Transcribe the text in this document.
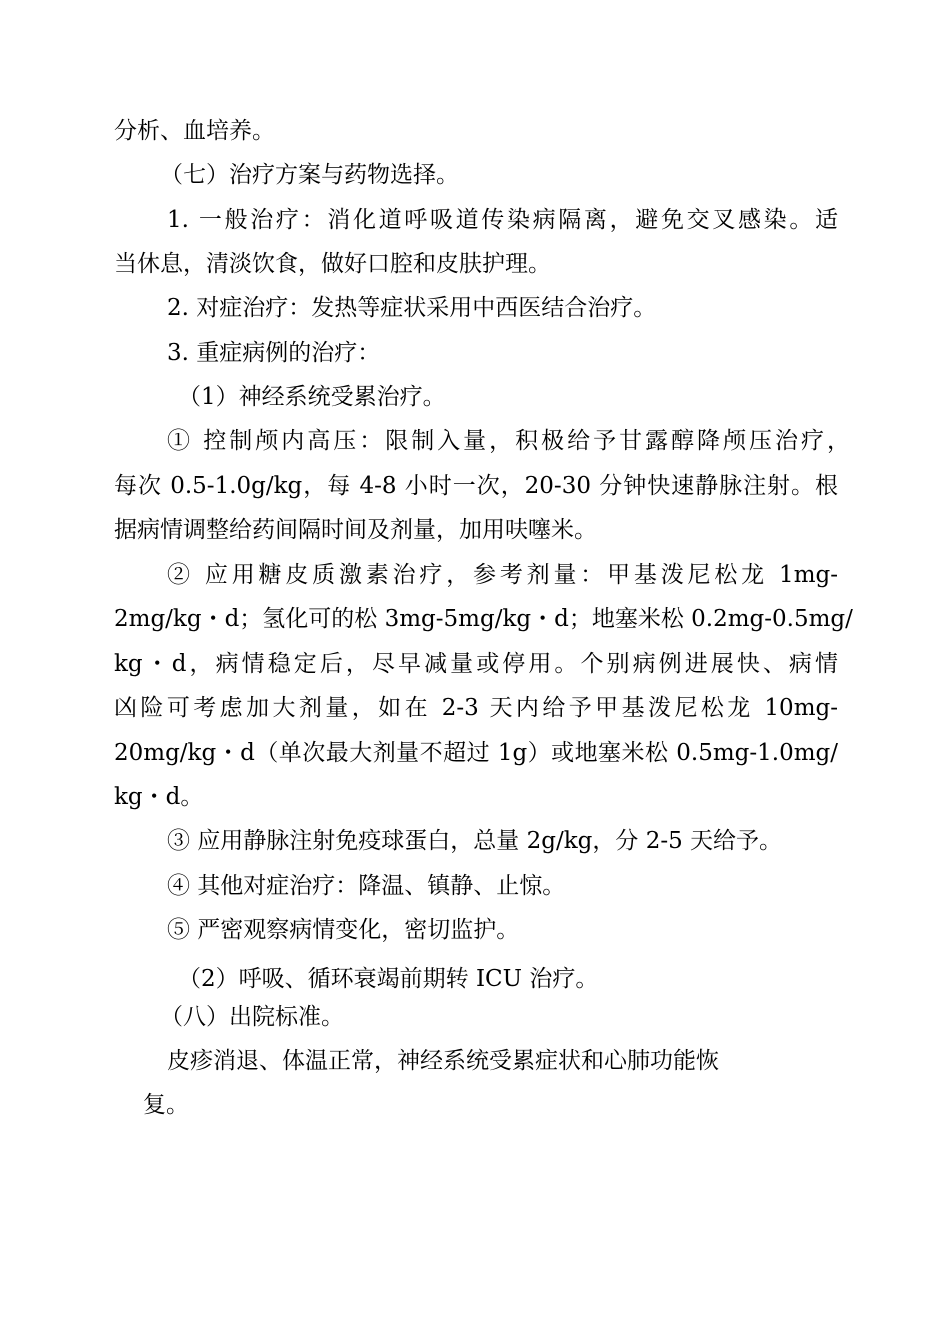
分析、血培养。
（七）治疗方案与药物选择。
1. 一般治疗：消化道呼吸道传染病隔离，避免交叉感染。适
当休息，清淡饮食，做好口腔和皮肤护理。
2. 对症治疗：发热等症状采用中西医结合治疗。
3. 重症病例的治疗：
（1）神经系统受累治疗。
① 控制颅内高压：限制入量，积极给予甘露醇降颅压治疗，
每次 0.5-1.0g/kg，每 4-8 小时一次，20-30 分钟快速静脉注射。根
据病情调整给药间隔时间及剂量，加用呋噻米。
② 应用糖皮质激素治疗，参考剂量：甲基泼尼松龙 1mg-
2mg/kg・d；氢化可的松 3mg-5mg/kg・d；地塞米松 0.2mg-0.5mg/
kg・d，病情稳定后，尽早减量或停用。个别病例进展快、病情
凶险可考虑加大剂量，如在 2-3 天内给予甲基泼尼松龙 10mg-
20mg/kg・d（单次最大剂量不超过 1g）或地塞米松 0.5mg-1.0mg/
kg・d。
③ 应用静脉注射免疫球蛋白，总量 2g/kg，分 2-5 天给予。
④ 其他对症治疗：降温、镇静、止惊。
⑤ 严密观察病情变化，密切监护。
（2）呼吸、循环衰竭前期转 ICU 治疗。
（八）出院标准。
皮疹消退、体温正常，神经系统受累症状和心肺功能恢
复。
